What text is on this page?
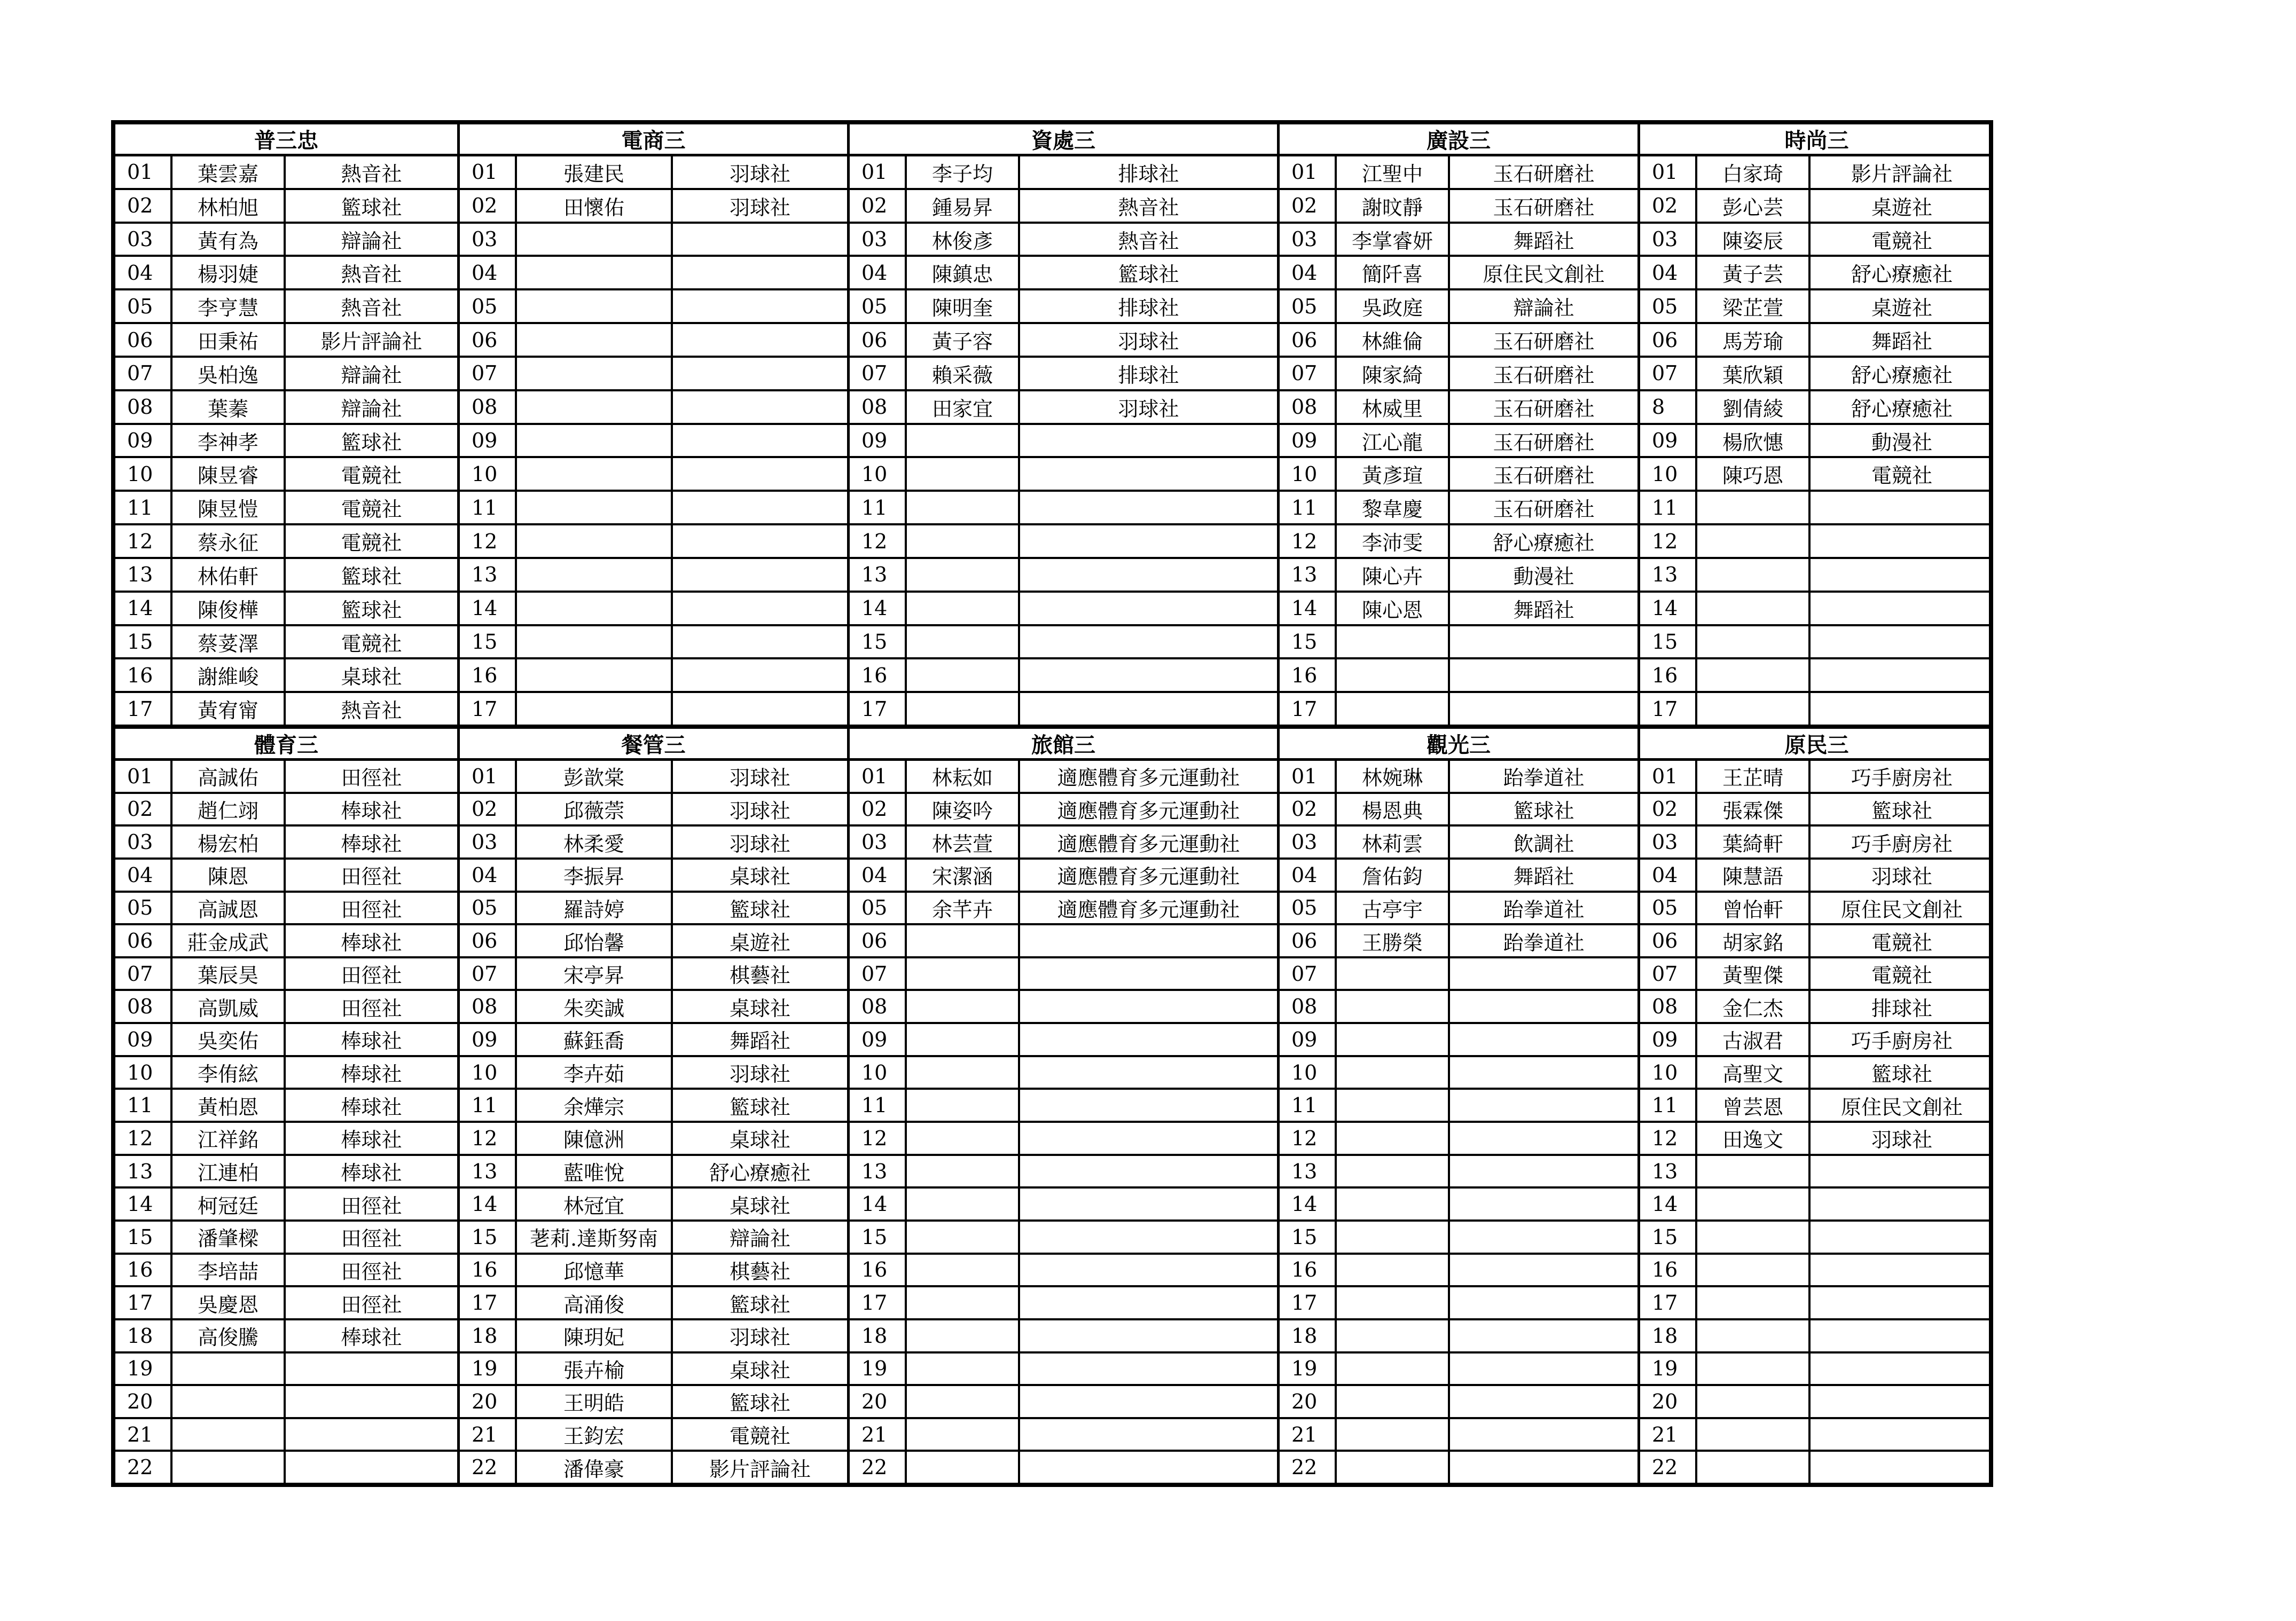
普三忠
01	葉雲嘉	熱音社
02	林柏旭	籃球社
03	黃有為	辯論社
04	楊羽婕	熱音社
05	李亨慧	熱音社
06	田秉祐	影片評論社
07	吳柏逸	辯論社
08	葉蓁	辯論社
09	李神孝	籃球社
10	陳昱睿	電競社
11	陳昱愷	電競社
12	蔡永征	電競社
13	林佑軒	籃球社
14	陳俊樺	籃球社
15	蔡荽澤	電競社
16	謝維峻	桌球社
17	黃宥甯	熱音社
電商三
01	張建民	羽球社
02	田懷佑	羽球社
03
04
05
06
07
08
09
10
11
12
13
14
15
16
17
資處三
01	李子均	排球社
02	鍾易昇	熱音社
03	林俊彥	熱音社
04	陳鎮忠	籃球社
05	陳明奎	排球社
06	黃子容	羽球社
07	賴采薇	排球社
08	田家宜	羽球社
09
10
11
12
13
14
15
16
17
廣設三
01	江聖中	玉石研磨社
02	謝旼靜	玉石研磨社
03	李掌睿妍	舞蹈社
04	簡阡喜	原住民文創社
05	吳政庭	辯論社
06	林維倫	玉石研磨社
07	陳家綺	玉石研磨社
08	林威里	玉石研磨社
09	江心龍	玉石研磨社
10	黃彥瑄	玉石研磨社
11	黎韋慶	玉石研磨社
12	李沛雯	舒心療癒社
13	陳心卉	動漫社
14	陳心恩	舞蹈社
15
16
17
時尚三
01	白家琦	影片評論社
02	彭心芸	桌遊社
03	陳姿辰	電競社
04	黃子芸	舒心療癒社
05	梁芷萱	桌遊社
06	馬芳瑜	舞蹈社
07	葉欣穎	舒心療癒社
8	劉倩綾	舒心療癒社
09	楊欣憓	動漫社
10	陳巧恩	電競社
11
12
13
14
15
16
17
體育三
01	高誠佑	田徑社
02	趙仁翊	棒球社
03	楊宏柏	棒球社
04	陳恩	田徑社
05	高誠恩	田徑社
06	莊金成武	棒球社
07	葉辰昊	田徑社
08	高凱威	田徑社
09	吳奕佑	棒球社
10	李侑絃	棒球社
11	黃柏恩	棒球社
12	江祥銘	棒球社
13	江連柏	棒球社
14	柯冠廷	田徑社
15	潘肇樑	田徑社
16	李培喆	田徑社
17	吳慶恩	田徑社
18	高俊騰	棒球社
19
20
21
22
餐管三
01	彭歆棠	羽球社
02	邱薇萗	羽球社
03	林柔愛	羽球社
04	李振昇	桌球社
05	羅詩婷	籃球社
06	邱怡馨	桌遊社
07	宋亭昇	棋藝社
08	朱奕誠	桌球社
09	蘇鈺喬	舞蹈社
10	李卉茹	羽球社
11	余燁宗	籃球社
12	陳億洲	桌球社
13	藍唯悅	舒心療癒社
14	林冠宜	桌球社
15	荖莉.達斯努南	辯論社
16	邱憶華	棋藝社
17	高涌俊	籃球社
18	陳玥妃	羽球社
19	張卉榆	桌球社
20	王明皓	籃球社
21	王鈞宏	電競社
22	潘偉豪	影片評論社
旅館三
01	林耘如	適應體育多元運動社
02	陳姿吟	適應體育多元運動社
03	林芸萱	適應體育多元運動社
04	宋潔涵	適應體育多元運動社
05	余芊卉	適應體育多元運動社
06
07
08
09
10
11
12
13
14
15
16
17
18
19
20
21
22
觀光三
01	林婉琳	跆拳道社
02	楊恩典	籃球社
03	林莉雲	飲調社
04	詹佑鈞	舞蹈社
05	古亭宇	跆拳道社
06	王勝榮	跆拳道社
07
08
09
10
11
12
13
14
15
16
17
18
19
20
21
22
原民三
01	王芷晴	巧手廚房社
02	張霖傑	籃球社
03	葉綺軒	巧手廚房社
04	陳慧語	羽球社
05	曾怡軒	原住民文創社
06	胡家銘	電競社
07	黃聖傑	電競社
08	金仁杰	排球社
09	古淑君	巧手廚房社
10	高聖文	籃球社
11	曾芸恩	原住民文創社
12	田逸文	羽球社
13
14
15
16
17
18
19
20
21
22
